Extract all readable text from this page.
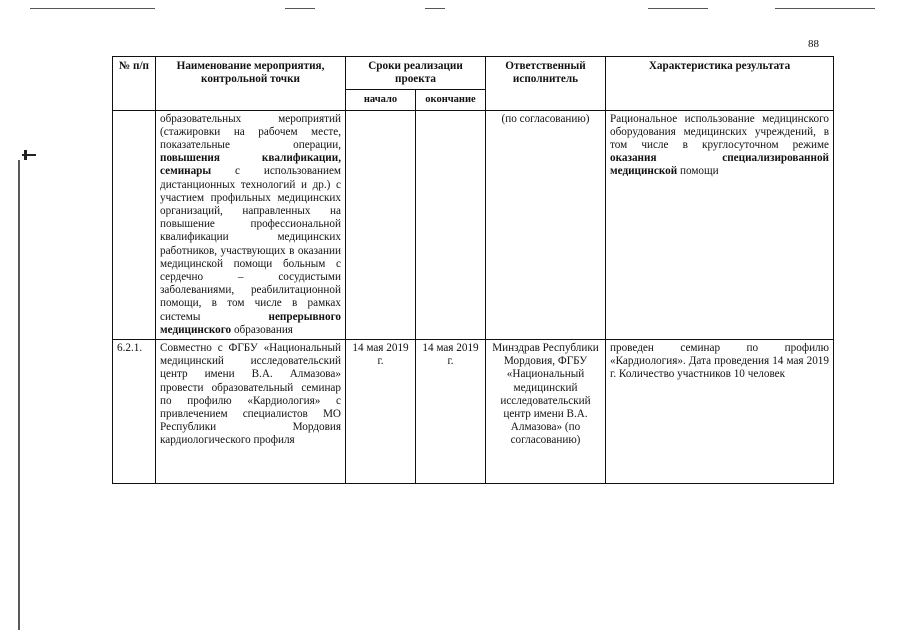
88
№ п/п	Наименование мероприятия, контрольной точки	Сроки реализации проекта		Ответственный исполнитель	Характеристика результата
		начало	окончание		
	образовательных мероприятий (стажировки на рабочем месте, показательные операции, повышения квалификации, семинары с использованием дистанционных технологий и др.) с участием профильных медицинских организаций, направленных на повышение профессиональной квалификации медицинских работников, участвующих в оказании медицинской помощи больным с сердечно – сосудистыми заболеваниями, реабилитационной помощи, в том числе в рамках системы непрерывного медицинского образования			(по согласованию)	Рациональное использование медицинского оборудования медицинских учреждений, в том числе в круглосуточном режиме оказания специализированной медицинской помощи
6.2.1.	Совместно с ФГБУ «Национальный медицинский исследовательский центр имени В.А. Алмазова» провести образовательный семинар по профилю «Кардиология» с привлечением специалистов МО Республики Мордовия кардиологического профиля	14 мая 2019 г.	14 мая 2019 г.	Минздрав Республики Мордовия, ФГБУ «Национальный медицинский исследовательский центр имени В.А. Алмазова» (по согласованию)	проведен семинар по профилю «Кардиология». Дата проведения 14 мая 2019 г. Количество участников 10 человек
